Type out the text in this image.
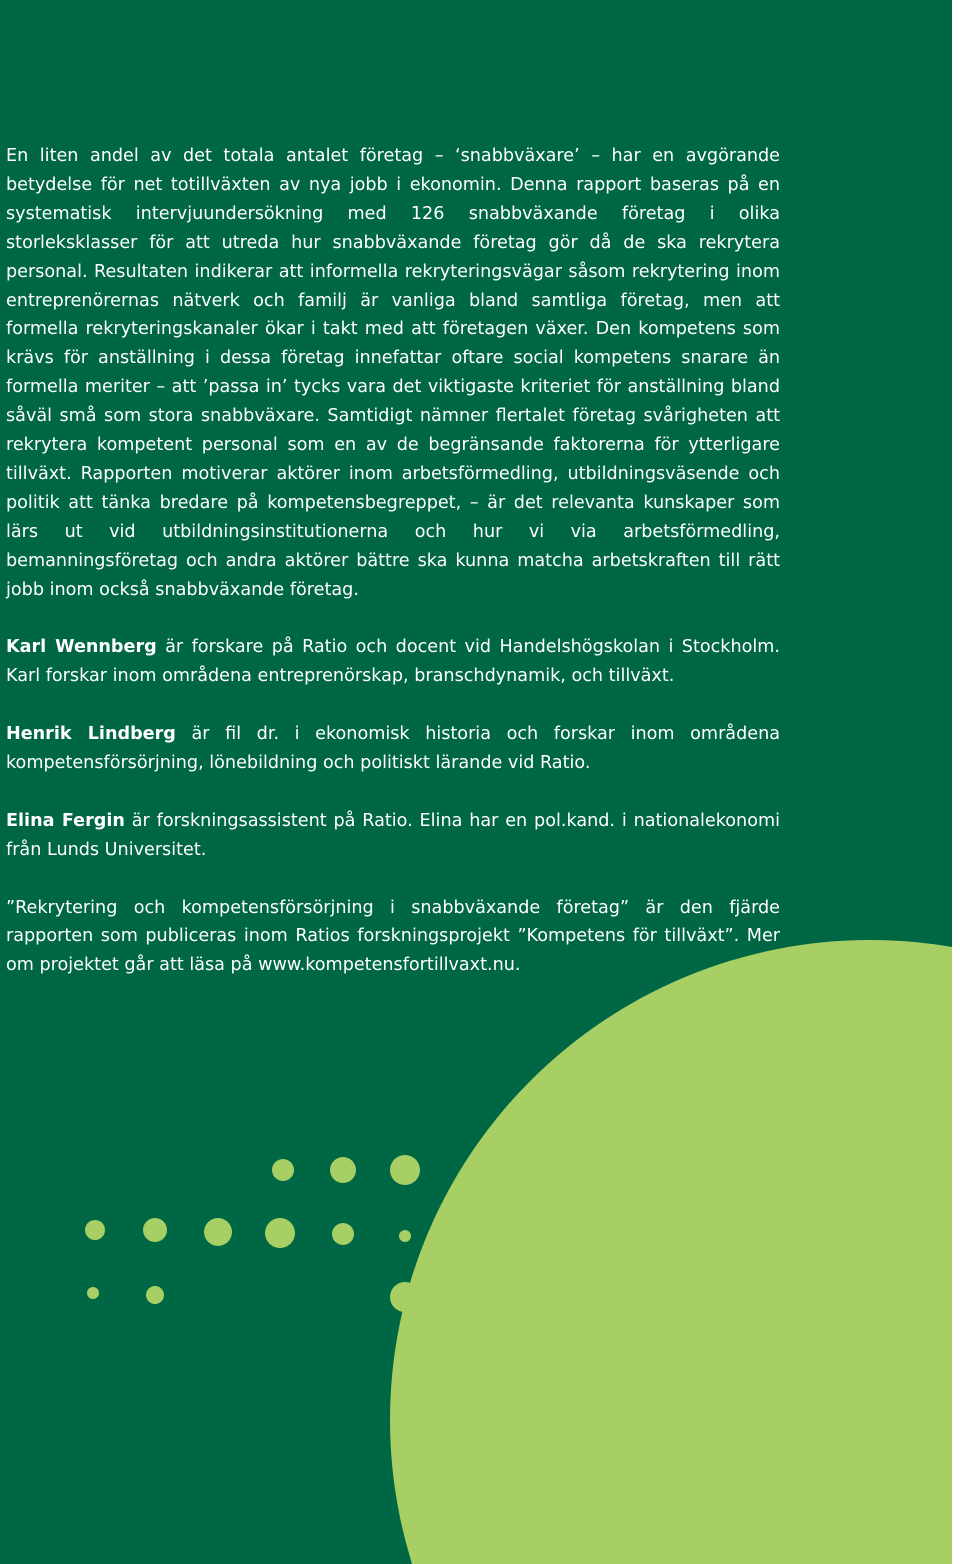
En liten andel av det totala antalet företag – ‘snabbväxare’ – har en avgörande betydelse för net totillväxten av nya jobb i ekonomin. Denna rapport baseras på en systematisk intervjuundersökning med 126 snabbväxande företag i olika storleksklasser för att utreda hur snabbväxande företag gör då de ska rekrytera personal. Resultaten indikerar att informella rekryteringsvägar såsom rekrytering inom entreprenörernas nätverk och familj är vanliga bland samtliga företag, men att formella rekryteringskanaler ökar i takt med att företagen växer. Den kompetens som krävs för anställning i dessa företag innefattar oftare social kompetens snarare än formella meriter – att ’passa in’ tycks vara det viktigaste kriteriet för anställning bland såväl små som stora snabbväxare. Samtidigt nämner flertalet företag svårigheten att rekrytera kompetent personal som en av de begränsande faktorerna för ytterligare tillväxt. Rapporten motiverar aktörer inom arbetsförmedling, utbildningsväsende och politik att tänka bredare på kompetensbegreppet, – är det relevanta kunskaper som lärs ut vid utbildningsinstitutionerna och hur vi via arbetsförmedling, bemanningsföretag och andra aktörer bättre ska kunna matcha arbetskraften till rätt jobb inom också snabbväxande företag.

Karl Wennberg är forskare på Ratio och docent vid Handelshögskolan i Stockholm. Karl forskar inom områdena entreprenörskap, branschdynamik, och tillväxt.

Henrik Lindberg är fil dr. i ekonomisk historia och forskar inom områdena kompetensförsörjning, lönebildning och politiskt lärande vid Ratio.

Elina Fergin är forskningsassistent på Ratio. Elina har en pol.kand. i nationalekonomi från Lunds Universitet.

”Rekrytering och kompetensförsörjning i snabbväxande företag” är den fjärde rapporten som publiceras inom Ratios forskningsprojekt ”Kompetens för tillväxt”. Mer om projektet går att läsa på www.kompetensfortillvaxt.nu.
